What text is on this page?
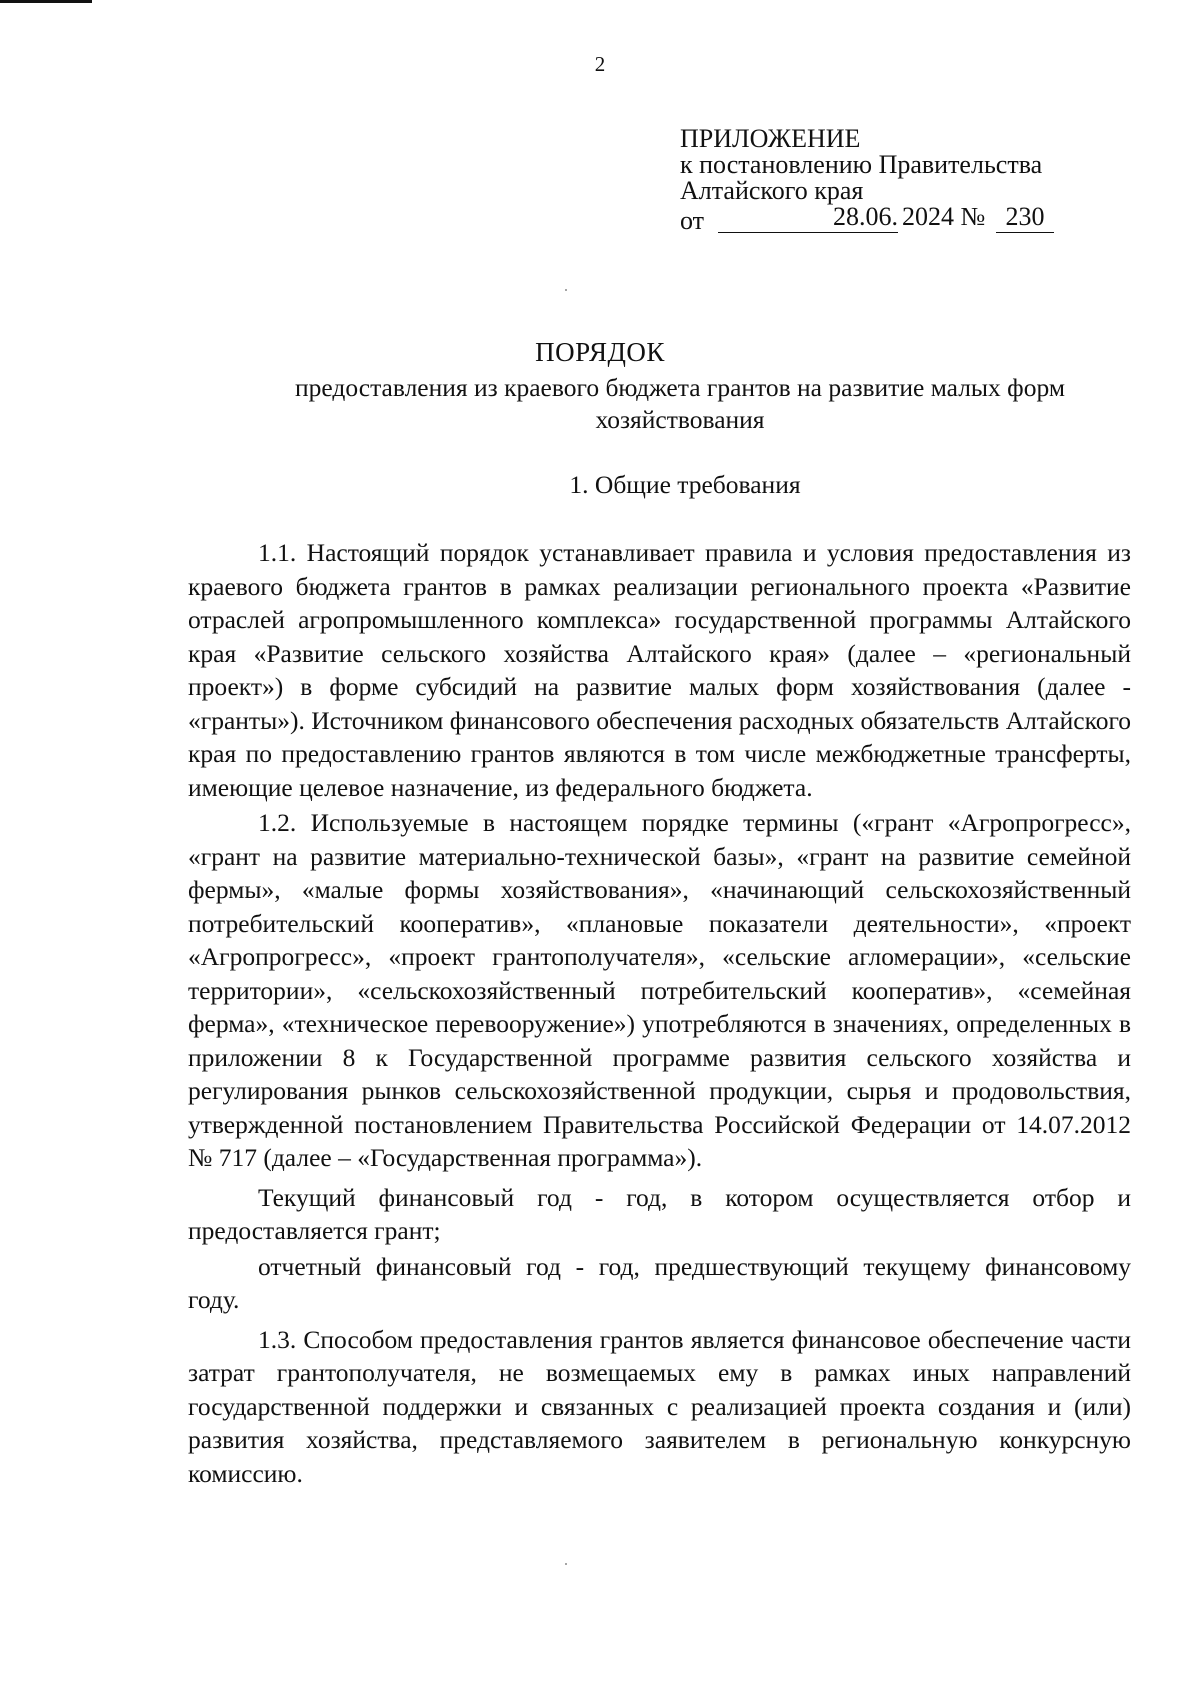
2
ПРИЛОЖЕНИЕ
к постановлению Правительства
Алтайского края
от	28.06. 2024 № 230
ПОРЯДОК
предоставления из краевого бюджета грантов на развитие малых форм хозяйствования
1. Общие требования

1.1. Настоящий порядок устанавливает правила и условия предоставления из краевого бюджета грантов в рамках реализации регионального проекта «Развитие отраслей агропромышленного комплекса» государственной программы Алтайского края «Развитие сельского хозяйства Алтайского края» (далее – «региональный проект») в форме субсидий на развитие малых форм хозяйствования (далее - «гранты»). Источником финансового обеспечения расходных обязательств Алтайского края по предоставлению грантов являются в том числе межбюджетные трансферты, имеющие целевое назначение, из федерального бюджета.

1.2. Используемые в настоящем порядке термины («грант «Агропрогресс», «грант на развитие материально-технической базы», «грант на развитие семейной фермы», «малые формы хозяйствования», «начинающий сельскохозяйственный потребительский кооператив», «плановые показатели деятельности», «проект «Агропрогресс», «проект грантополучателя», «сельские агломерации», «сельские территории», «сельскохозяйственный потребительский кооператив», «семейная ферма», «техническое перевооружение») употребляются в значениях, определенных в приложении 8 к Государственной программе развития сельского хозяйства и регулирования рынков сельскохозяйственной продукции, сырья и продовольствия, утвержденной постановлением Правительства Российской Федерации от 14.07.2012 № 717 (далее – «Государственная программа»).

Текущий финансовый год - год, в котором осуществляется отбор и предоставляется грант;

отчетный финансовый год - год, предшествующий текущему финансовому году.

1.3. Способом предоставления грантов является финансовое обеспечение части затрат грантополучателя, не возмещаемых ему в рамках иных направлений государственной поддержки и связанных с реализацией проекта создания и (или) развития хозяйства, представляемого заявителем в региональную конкурсную комиссию.
